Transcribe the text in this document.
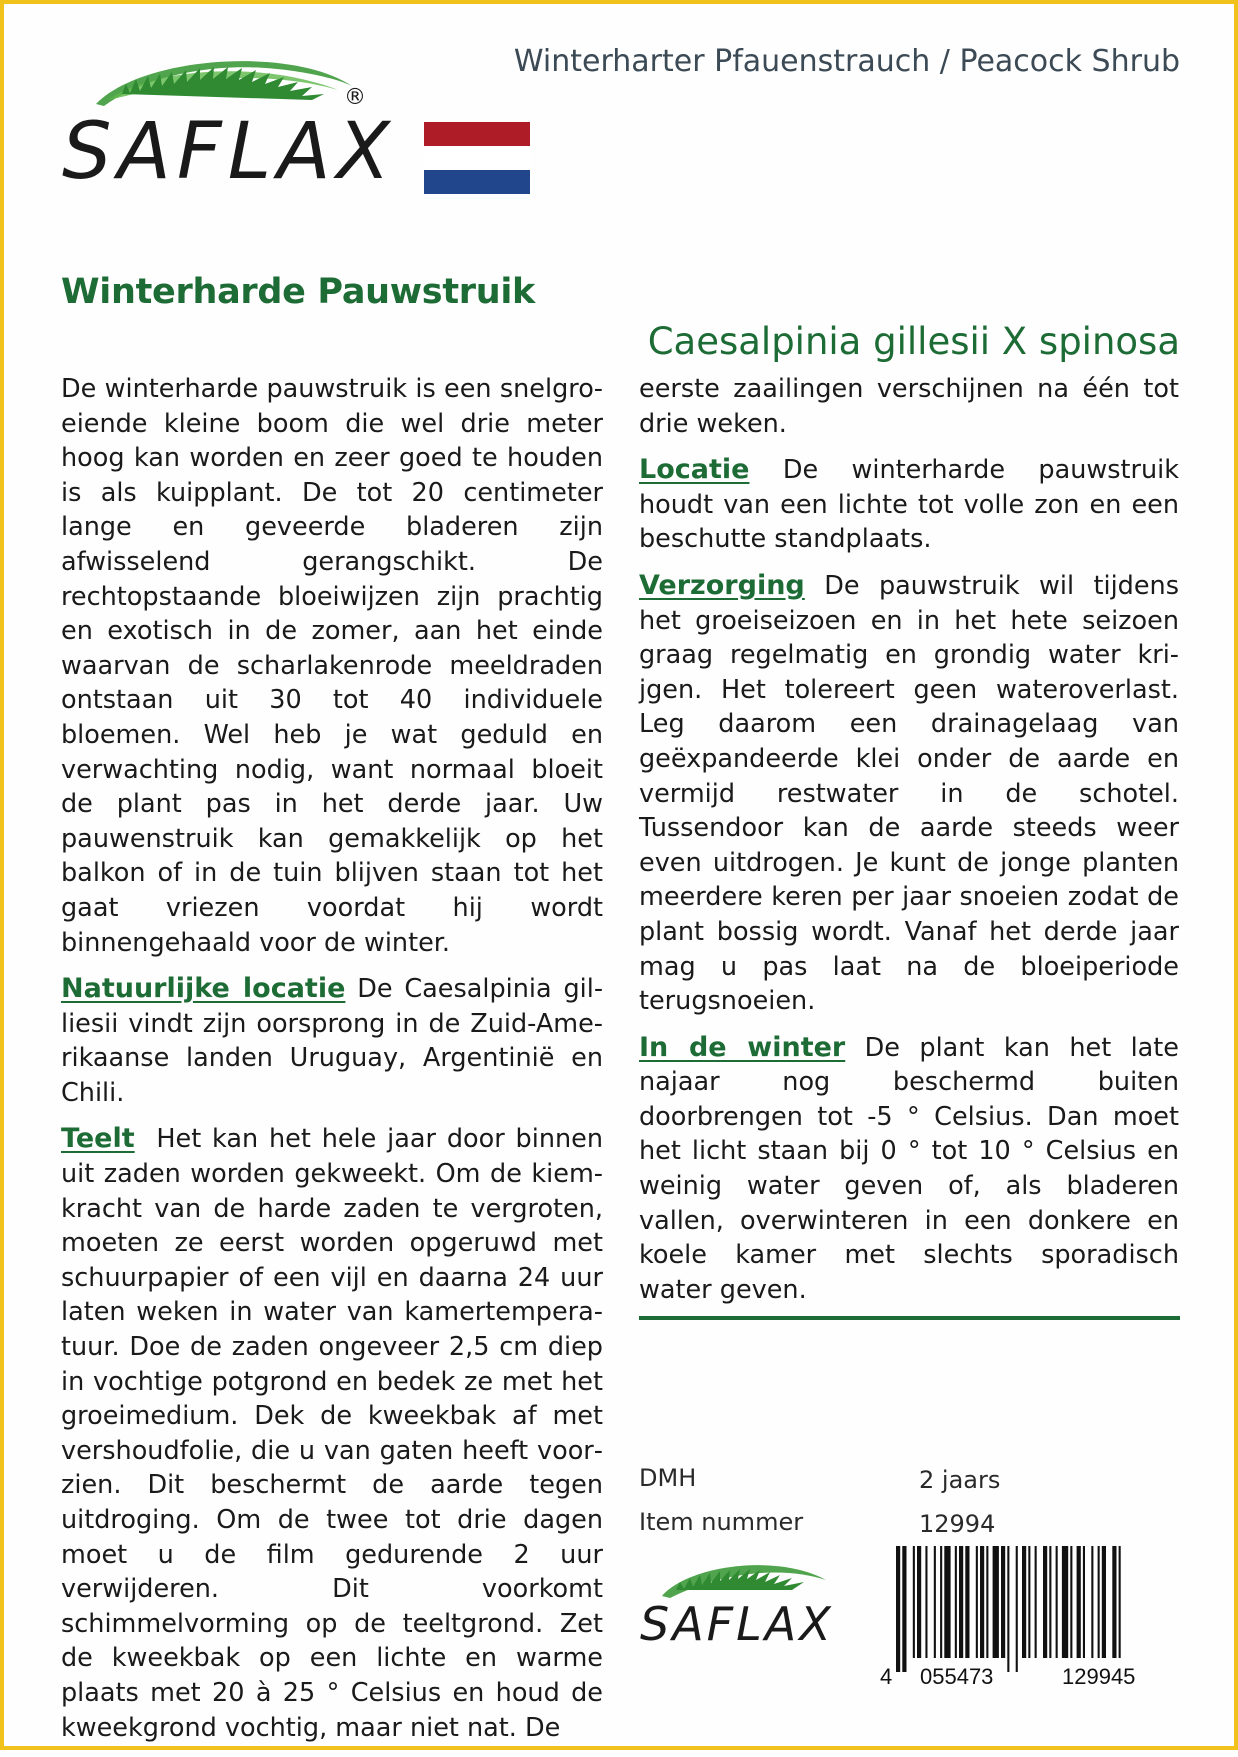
Winterharter Pfauenstrauch / Peacock Shrub
SAFLAX
®
Winterharde Pauwstruik
Caesalpinia gillesii X spinosa

De winterharde pauwstruik is een snelgroeiende kleine boom die wel drie meter hoog kan worden en zeer goed te houden is als kuipplant. De tot 20 centimeter lange en geveerde bladeren zijn afwisselend gerangschikt. De rechtopstaande bloeiwijzen zijn prachtig en exotisch in de zomer, aan het einde waarvan de scharlakenrode meeldraden ontstaan uit 30 tot 40 individuele bloemen. Wel heb je wat geduld en verwachting nodig, want normaal bloeit de plant pas in het derde jaar. Uw pauwenstruik kan gemakkelijk op het balkon of in de tuin blijven staan tot het gaat vriezen voordat hij wordt binnengehaald voor de winter.

Natuurlijke locatie De Caesalpinia gilliesii vindt zijn oorsprong in de Zuid-Amerikaanse landen Uruguay, Argentinië en Chili.

Teelt Het kan het hele jaar door binnen uit zaden worden gekweekt. Om de kiemkracht van de harde zaden te vergroten, moeten ze eerst worden opgeruwd met schuurpapier of een vijl en daarna 24 uur laten weken in water van kamertemperatuur. Doe de zaden ongeveer 2,5 cm diep in vochtige potgrond en bedek ze met het groeimedium. Dek de kweekbak af met vershoudfolie, die u van gaten heeft voorzien. Dit beschermt de aarde tegen uitdroging. Om de twee tot drie dagen moet u de film gedurende 2 uur verwijderen. Dit voorkomt schimmelvorming op de teeltgrond. Zet de kweekbak op een lichte en warme plaats met 20 à 25 ° Celsius en houd de kweekgrond vochtig, maar niet nat. De

eerste zaailingen verschijnen na één tot drie weken.

Locatie De winterharde pauwstruik houdt van een lichte tot volle zon en een beschutte standplaats.

Verzorging De pauwstruik wil tijdens het groeiseizoen en in het hete seizoen graag regelmatig en grondig water krijgen. Het tolereert geen wateroverlast. Leg daarom een drainagelaag van geëxpandeerde klei onder de aarde en vermijd restwater in de schotel. Tussendoor kan de aarde steeds weer even uitdrogen. Je kunt de jonge planten meerdere keren per jaar snoeien zodat de plant bossig wordt. Vanaf het derde jaar mag u pas laat na de bloeiperiode terugsnoeien.

In de winter De plant kan het late najaar nog beschermd buiten doorbrengen tot -5 ° Celsius. Dan moet het licht staan bij 0 ° tot 10 ° Celsius en weinig water geven of, als bladeren vallen, overwinteren in een donkere en koele kamer met slechts sporadisch water geven.

DMH	2 jaars
Item nummer	12994
SAFLAX
4 055473	129945
